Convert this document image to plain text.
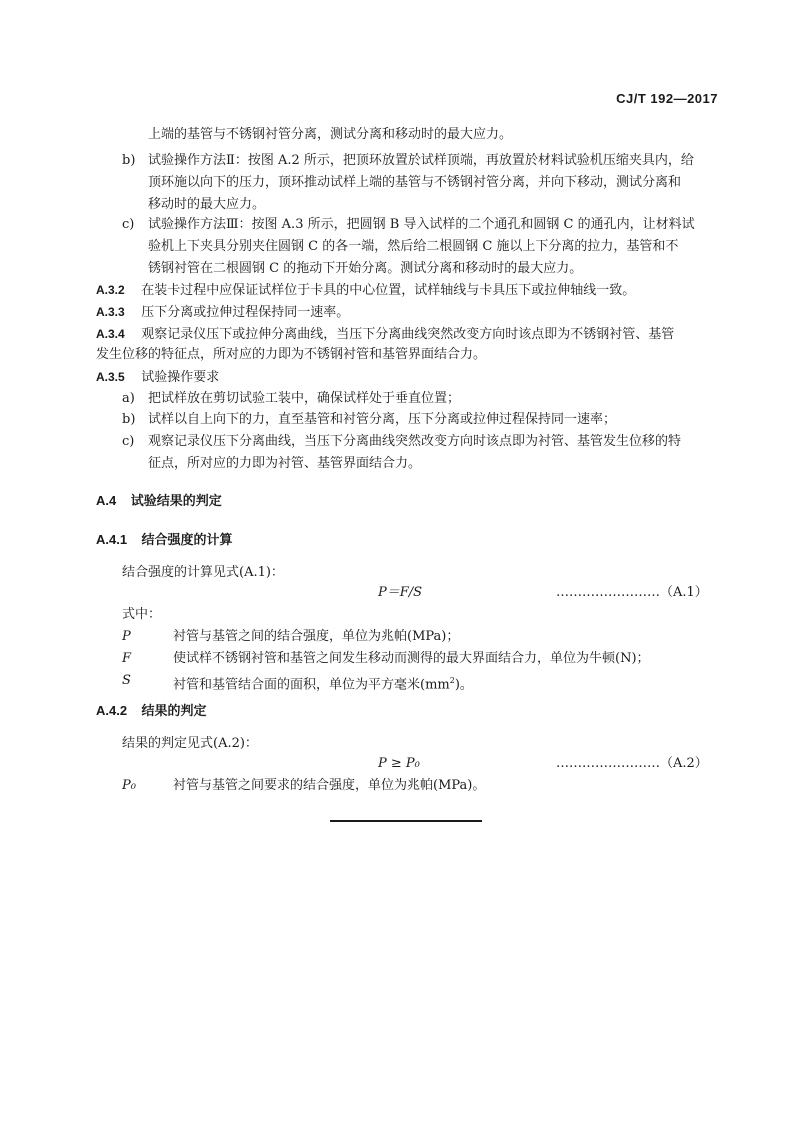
CJ/T 192—2017
上端的基管与不锈钢衬管分离，测试分离和移动时的最大应力。
b) 试验操作方法Ⅱ：按图 A.2 所示，把顶环放置於试样顶端，再放置於材料试验机压缩夹具内，给
顶环施以向下的压力，顶环推动试样上端的基管与不锈钢衬管分离，并向下移动，测试分离和
移动时的最大应力。
c) 试验操作方法Ⅲ：按图 A.3 所示，把圆钢 B 导入试样的二个通孔和圆钢 C 的通孔内，让材料试
验机上下夹具分别夹住圆钢 C 的各一端，然后给二根圆钢 C 施以上下分离的拉力，基管和不
锈钢衬管在二根圆钢 C 的拖动下开始分离。测试分离和移动时的最大应力。
A.3.2 在装卡过程中应保证试样位于卡具的中心位置，试样轴线与卡具压下或拉伸轴线一致。
A.3.3 压下分离或拉伸过程保持同一速率。
A.3.4 观察记录仪压下或拉伸分离曲线，当压下分离曲线突然改变方向时该点即为不锈钢衬管、基管
发生位移的特征点，所对应的力即为不锈钢衬管和基管界面结合力。
A.3.5 试验操作要求
a) 把试样放在剪切试验工装中，确保试样处于垂直位置；
b) 试样以自上向下的力，直至基管和衬管分离，压下分离或拉伸过程保持同一速率；
c) 观察记录仪压下分离曲线，当压下分离曲线突然改变方向时该点即为衬管、基管发生位移的特
征点，所对应的力即为衬管、基管界面结合力。
A.4 试验结果的判定
A.4.1 结合强度的计算
结合强度的计算见式(A.1)：
P＝F/S	……………………（A.1）
式中：
P	衬管与基管之间的结合强度，单位为兆帕(MPa)；
F	使试样不锈钢衬管和基管之间发生移动而测得的最大界面结合力，单位为牛顿(N)；
S	衬管和基管结合面的面积，单位为平方毫米$(mm^2)$。
A.4.2 结果的判定
结果的判定见式(A.2)：
P ≥ P₀	……………………（A.2）
P₀	衬管与基管之间要求的结合强度，单位为兆帕(MPa)。
